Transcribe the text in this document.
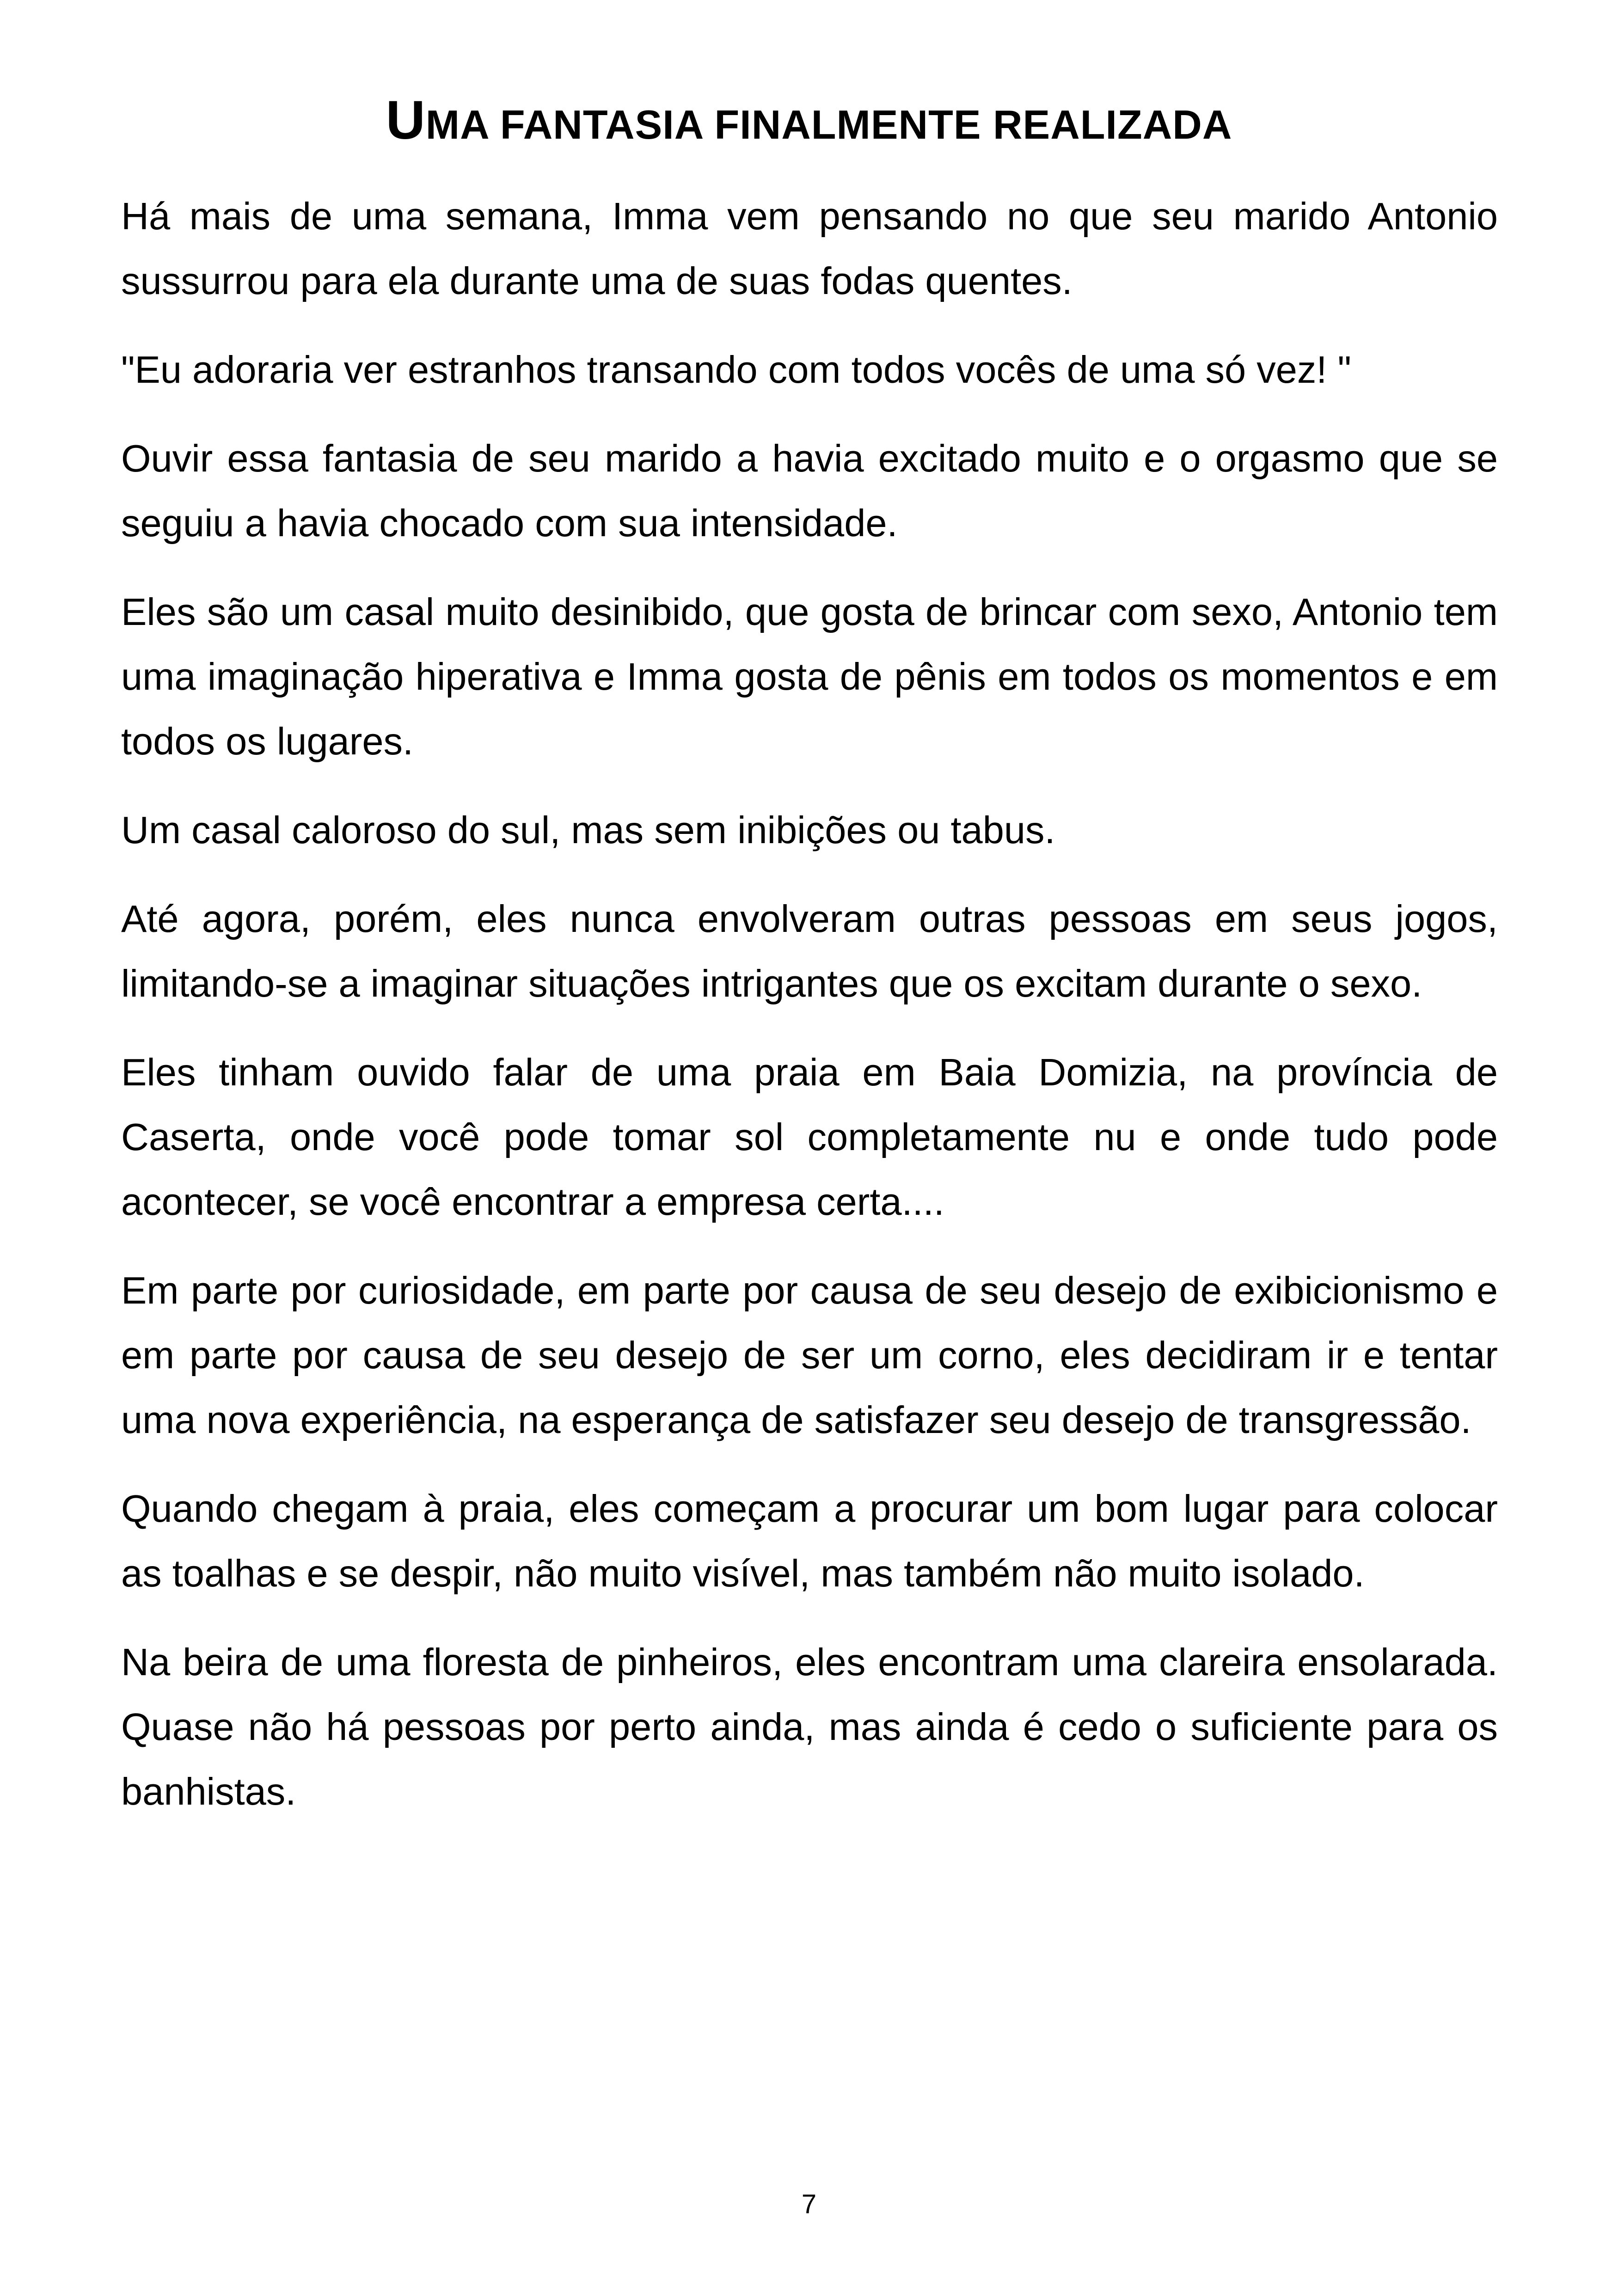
UMA FANTASIA FINALMENTE REALIZADA

Há mais de uma semana, Imma vem pensando no que seu marido Antonio sussurrou para ela durante uma de suas fodas quentes.

"Eu adoraria ver estranhos transando com todos vocês de uma só vez! "

Ouvir essa fantasia de seu marido a havia excitado muito e o orgasmo que se seguiu a havia chocado com sua intensidade.

Eles são um casal muito desinibido, que gosta de brincar com sexo, Antonio tem uma imaginação hiperativa e Imma gosta de pênis em todos os momentos e em todos os lugares.

Um casal caloroso do sul, mas sem inibições ou tabus.

Até agora, porém, eles nunca envolveram outras pessoas em seus jogos, limitando-se a imaginar situações intrigantes que os excitam durante o sexo.

Eles tinham ouvido falar de uma praia em Baia Domizia, na província de Caserta, onde você pode tomar sol completamente nu e onde tudo pode acontecer, se você encontrar a empresa certa....

Em parte por curiosidade, em parte por causa de seu desejo de exibicionismo e em parte por causa de seu desejo de ser um corno, eles decidiram ir e tentar uma nova experiência, na esperança de satisfazer seu desejo de transgressão.

Quando chegam à praia, eles começam a procurar um bom lugar para colocar as toalhas e se despir, não muito visível, mas também não muito isolado.

Na beira de uma floresta de pinheiros, eles encontram uma clareira ensolarada. Quase não há pessoas por perto ainda, mas ainda é cedo o suficiente para os banhistas.

7
